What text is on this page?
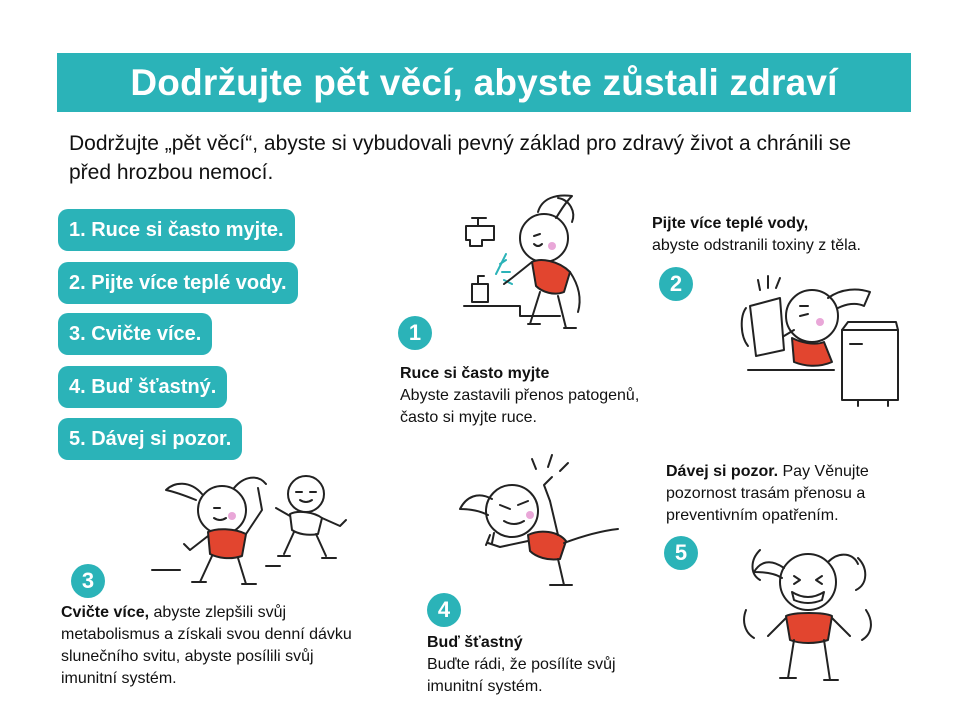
Dodržujte pět věcí, abyste zůstali zdraví
Dodržujte „pět věcí“, abyste si vybudovali pevný základ pro zdravý život a chránili se před hrozbou nemocí.
1. Ruce si často myjte.
2. Pijte více teplé vody.
3. Cvičte více.
4. Buď šťastný.
5. Dávej si pozor.
1
Ruce si často myjte
Abyste zastavili přenos patogenů, často si myjte ruce.
Pijte více teplé vody,
abyste odstranili toxiny z těla.
2
3
Cvičte více, abyste zlepšili svůj metabolismus a získali svou denní dávku slunečního svitu, abyste posílili svůj imunitní systém.
4
Buď šťastný
Buďte rádi, že posílíte svůj imunitní systém.
Dávej si pozor. Pay Věnujte pozornost trasám přenosu a preventivním opatřením.
5
